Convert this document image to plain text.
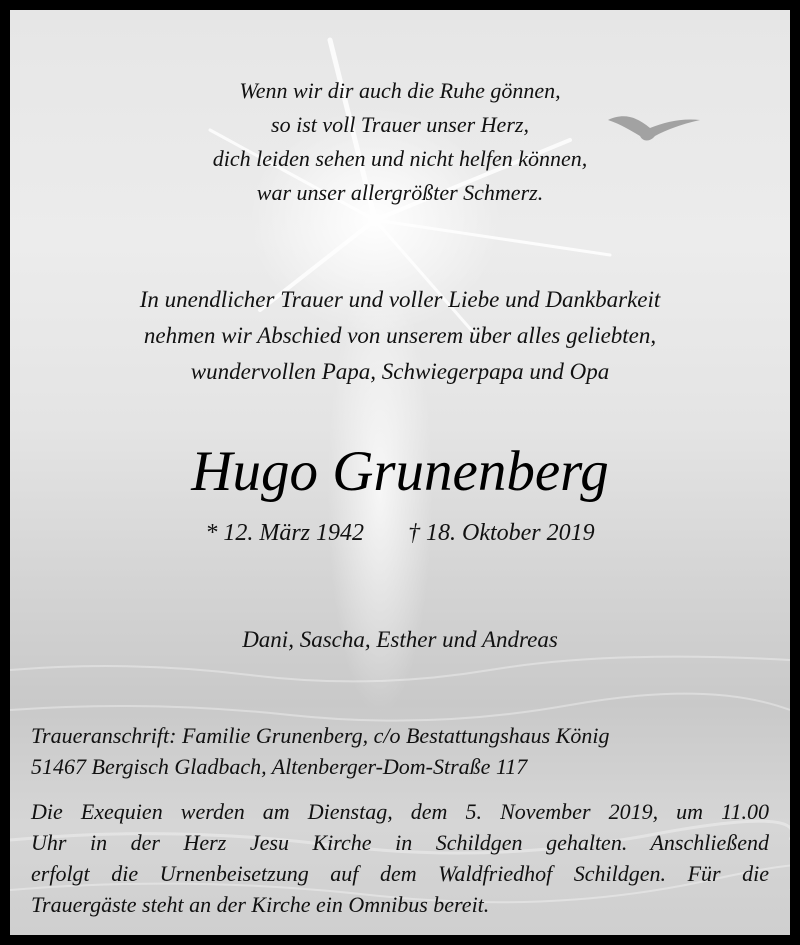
Wenn wir dir auch die Ruhe gönnen,
so ist voll Trauer unser Herz,
dich leiden sehen und nicht helfen können,
war unser allergrößter Schmerz.
In unendlicher Trauer und voller Liebe und Dankbarkeit
nehmen wir Abschied von unserem über alles geliebten,
wundervollen Papa, Schwiegerpapa und Opa
Hugo Grunenberg
* 12. März 1942 † 18. Oktober 2019
Dani, Sascha, Esther und Andreas
Traueranschrift: Familie Grunenberg, c/o Bestattungshaus König
51467 Bergisch Gladbach, Altenberger-Dom-Straße 117
Die Exequien werden am Dienstag, dem 5. November 2019, um 11.00
Uhr in der Herz Jesu Kirche in Schildgen gehalten. Anschließend
erfolgt die Urnenbeisetzung auf dem Waldfriedhof Schildgen. Für die
Trauergäste steht an der Kirche ein Omnibus bereit.
